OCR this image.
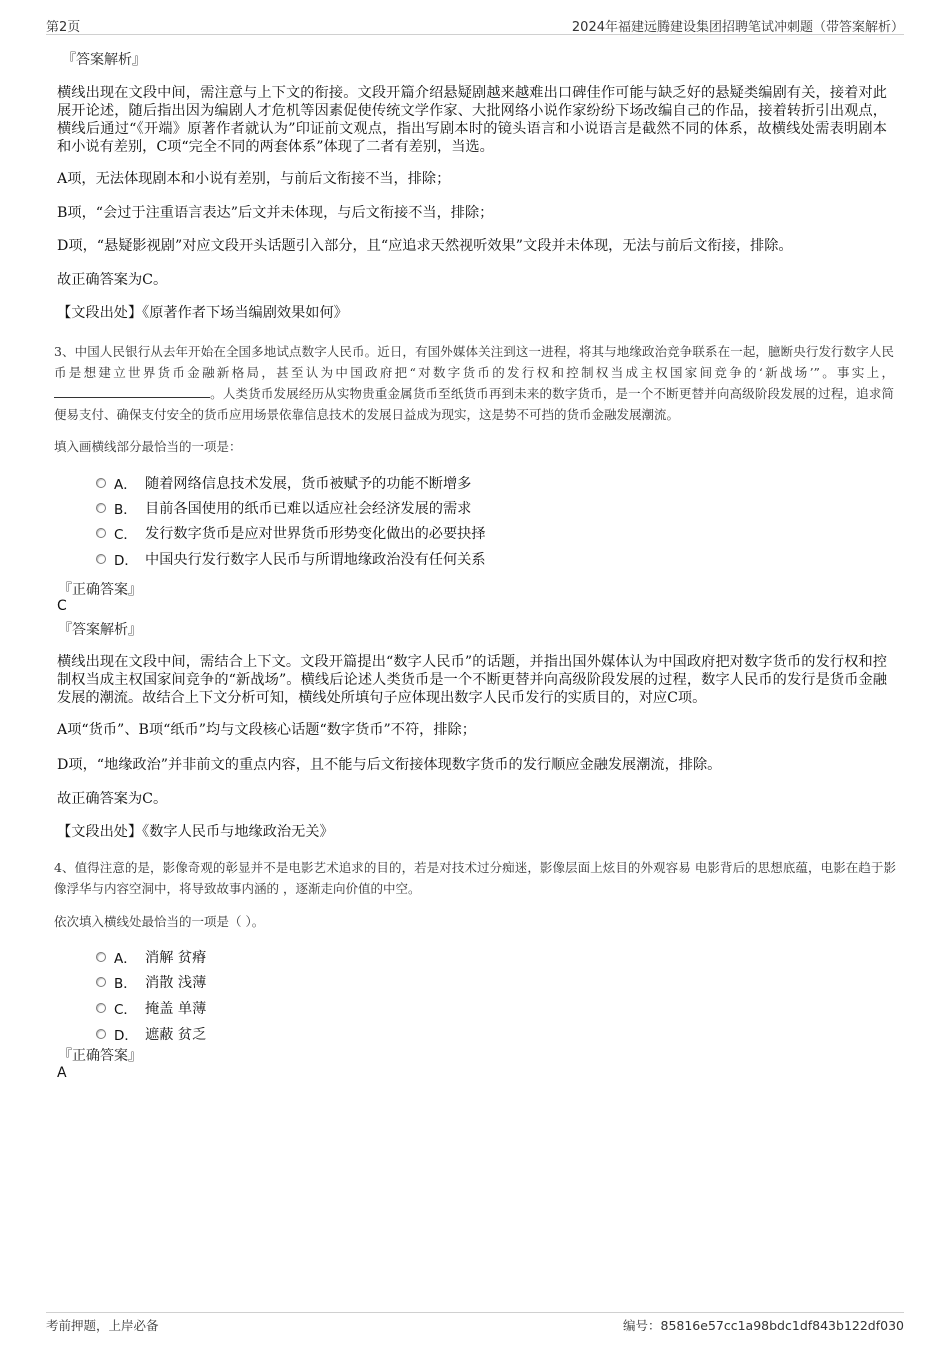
第2页	2024年福建远腾建设集团招聘笔试冲刺题（带答案解析）
『答案解析』
横线出现在文段中间，需注意与上下文的衔接。文段开篇介绍悬疑剧越来越难出口碑佳作可能与缺乏好的悬疑类编剧有关，接着对此展开论述，随后指出因为编剧人才危机等因素促使传统文学作家、大批网络小说作家纷纷下场改编自己的作品，接着转折引出观点，横线后通过“《开端》原著作者就认为”印证前文观点，指出写剧本时的镜头语言和小说语言是截然不同的体系，故横线处需表明剧本和小说有差别，C项“完全不同的两套体系”体现了二者有差别，当选。
A项，无法体现剧本和小说有差别，与前后文衔接不当，排除；
B项，“会过于注重语言表达”后文并未体现，与后文衔接不当，排除；
D项，“悬疑影视剧”对应文段开头话题引入部分，且“应追求天然视听效果”文段并未体现，无法与前后文衔接，排除。
故正确答案为C。
【文段出处】《原著作者下场当编剧效果如何》
3、中国人民银行从去年开始在全国多地试点数字人民币。近日，有国外媒体关注到这一进程，将其与地缘政治竞争联系在一起，臆断央行发行数字人民币是想建立世界货币金融新格局，甚至认为中国政府把“对数字货币的发行权和控制权当成主权国家间竞争的‘新战场’”。事实上，。人类货币发展经历从实物贵重金属货币至纸货币再到未来的数字货币，是一个不断更替并向高级阶段发展的过程，追求简便易支付、确保支付安全的货币应用场景依靠信息技术的发展日益成为现实，这是势不可挡的货币金融发展潮流。
填入画横线部分最恰当的一项是：
A． 随着网络信息技术发展，货币被赋予的功能不断增多
B． 目前各国使用的纸币已难以适应社会经济发展的需求
C． 发行数字货币是应对世界货币形势变化做出的必要抉择
D． 中国央行发行数字人民币与所谓地缘政治没有任何关系
『正确答案』
C
『答案解析』
横线出现在文段中间，需结合上下文。文段开篇提出“数字人民币”的话题，并指出国外媒体认为中国政府把对数字货币的发行权和控制权当成主权国家间竞争的“新战场”。横线后论述人类货币是一个不断更替并向高级阶段发展的过程，数字人民币的发行是货币金融发展的潮流。故结合上下文分析可知，横线处所填句子应体现出数字人民币发行的实质目的，对应C项。
A项“货币”、B项“纸币”均与文段核心话题“数字货币”不符，排除；
D项，“地缘政治”并非前文的重点内容，且不能与后文衔接体现数字货币的发行顺应金融发展潮流，排除。
故正确答案为C。
【文段出处】《数字人民币与地缘政治无关》
4、值得注意的是，影像奇观的彰显并不是电影艺术追求的目的，若是对技术过分痴迷，影像层面上炫目的外观容易 电影背后的思想底蕴，电影在趋于影像浮华与内容空洞中，将导致故事内涵的 ，逐渐走向价值的中空。
依次填入横线处最恰当的一项是（ ）。
A． 消解 贫瘠
B． 消散 浅薄
C． 掩盖 单薄
D． 遮蔽 贫乏
『正确答案』
A
考前押题，上岸必备	编号：85816e57cc1a98bdc1df843b122df030
